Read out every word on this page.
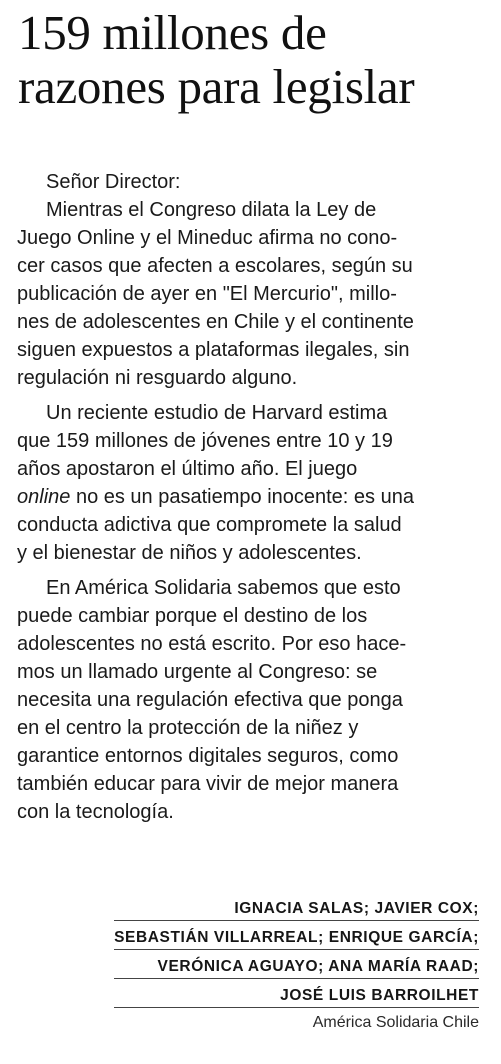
159 millones de
razones para legislar
Señor Director:
Mientras el Congreso dilata la Ley de
Juego Online y el Mineduc afirma no cono-
cer casos que afecten a escolares, según su
publicación de ayer en "El Mercurio", millo-
nes de adolescentes en Chile y el continente
siguen expuestos a plataformas ilegales, sin
regulación ni resguardo alguno.
Un reciente estudio de Harvard estima
que 159 millones de jóvenes entre 10 y 19
años apostaron el último año. El juego
online no es un pasatiempo inocente: es una
conducta adictiva que compromete la salud
y el bienestar de niños y adolescentes.
En América Solidaria sabemos que esto
puede cambiar porque el destino de los
adolescentes no está escrito. Por eso hace-
mos un llamado urgente al Congreso: se
necesita una regulación efectiva que ponga
en el centro la protección de la niñez y
garantice entornos digitales seguros, como
también educar para vivir de mejor manera
con la tecnología.
IGNACIA SALAS; JAVIER COX;
SEBASTIÁN VILLARREAL; ENRIQUE GARCÍA;
VERÓNICA AGUAYO; ANA MARÍA RAAD;
JOSÉ LUIS BARROILHET
América Solidaria Chile
